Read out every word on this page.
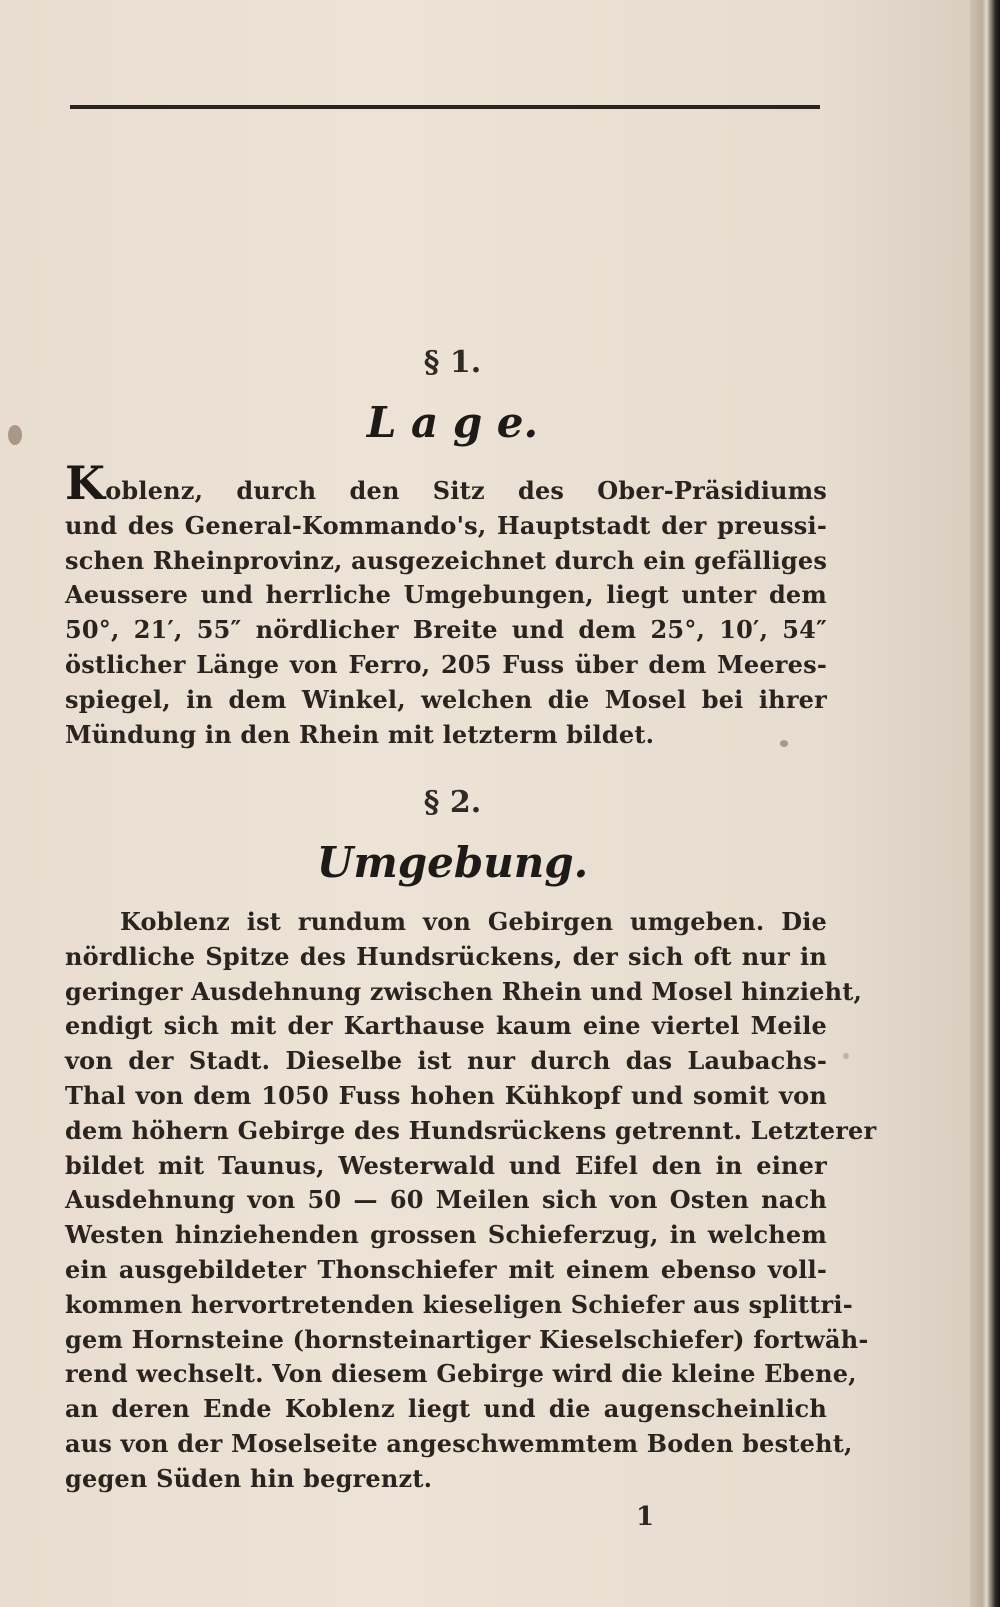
§ 1.
L a g e.
Koblenz, durch den Sitz des Ober-Präsidiums
und des General-Kommando's, Hauptstadt der preussi-
schen Rheinprovinz, ausgezeichnet durch ein gefälliges
Aeussere und herrliche Umgebungen, liegt unter dem
50°, 21′, 55″ nördlicher Breite und dem 25°, 10′, 54″
östlicher Länge von Ferro, 205 Fuss über dem Meeres-
spiegel, in dem Winkel, welchen die Mosel bei ihrer
Mündung in den Rhein mit letzterm bildet.
§ 2.
Umgebung.
Koblenz ist rundum von Gebirgen umgeben. Die
nördliche Spitze des Hundsrückens, der sich oft nur in
geringer Ausdehnung zwischen Rhein und Mosel hinzieht,
endigt sich mit der Karthause kaum eine viertel Meile
von der Stadt. Dieselbe ist nur durch das Laubachs-
Thal von dem 1050 Fuss hohen Kühkopf und somit von
dem höhern Gebirge des Hundsrückens getrennt. Letzterer
bildet mit Taunus, Westerwald und Eifel den in einer
Ausdehnung von 50 — 60 Meilen sich von Osten nach
Westen hinziehenden grossen Schieferzug, in welchem
ein ausgebildeter Thonschiefer mit einem ebenso voll-
kommen hervortretenden kieseligen Schiefer aus splittri-
gem Hornsteine (hornsteinartiger Kieselschiefer) fortwäh-
rend wechselt. Von diesem Gebirge wird die kleine Ebene,
an deren Ende Koblenz liegt und die augenscheinlich
aus von der Moselseite angeschwemmtem Boden besteht,
gegen Süden hin begrenzt.
1
